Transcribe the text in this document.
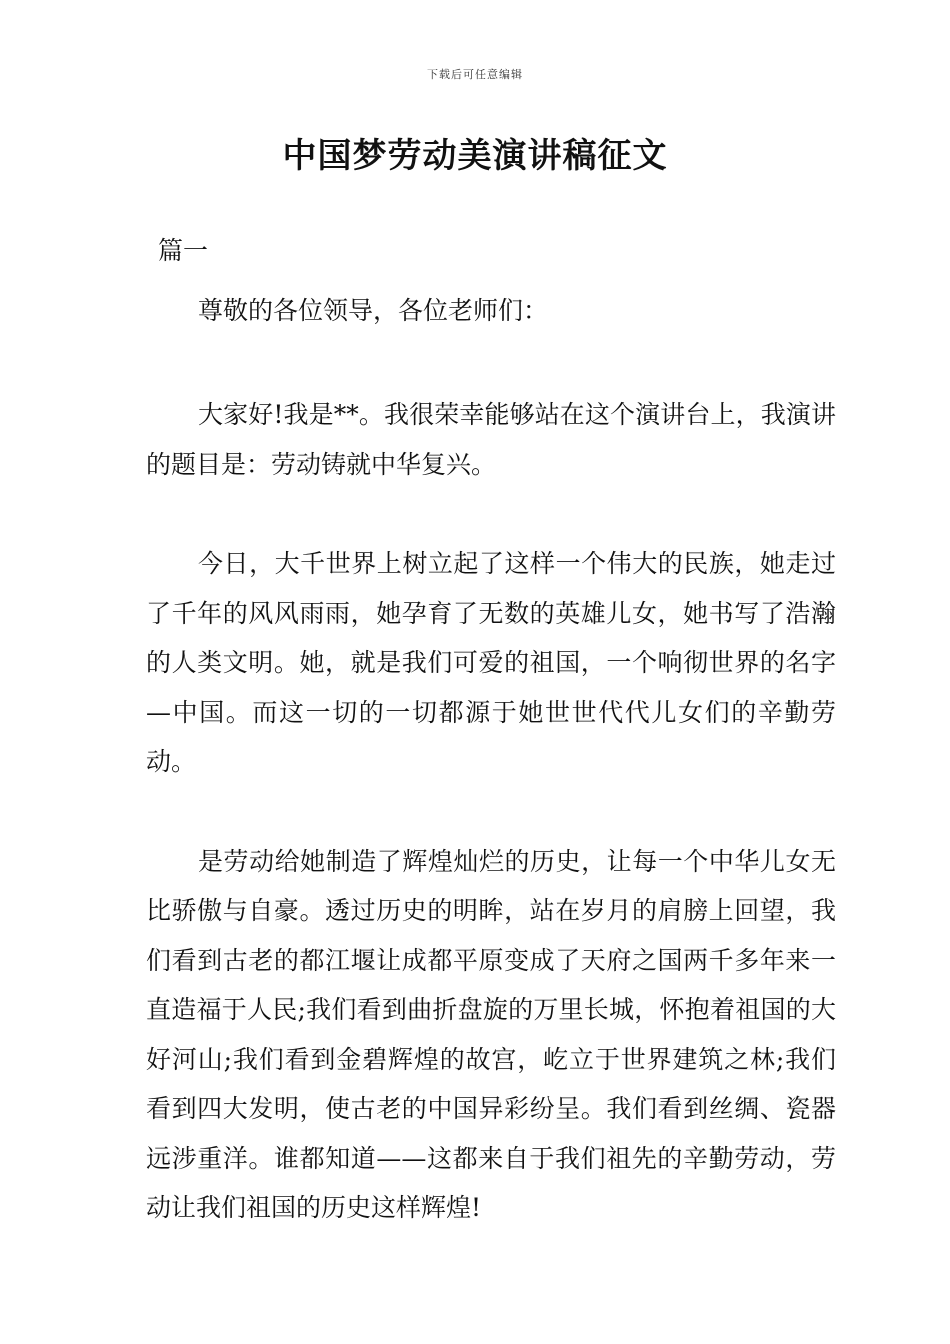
下载后可任意编辑
中国梦劳动美演讲稿征文

篇一

尊敬的各位领导，各位老师们：

大家好!我是**。我很荣幸能够站在这个演讲台上，我演讲的题目是：劳动铸就中华复兴。

今日，大千世界上树立起了这样一个伟大的民族，她走过了千年的风风雨雨，她孕育了无数的英雄儿女，她书写了浩瀚的人类文明。她，就是我们可爱的祖国，一个响彻世界的名字—中国。而这一切的一切都源于她世世代代儿女们的辛勤劳动。

是劳动给她制造了辉煌灿烂的历史，让每一个中华儿女无比骄傲与自豪。透过历史的明眸，站在岁月的肩膀上回望，我们看到古老的都江堰让成都平原变成了天府之国两千多年来一直造福于人民;我们看到曲折盘旋的万里长城，怀抱着祖国的大好河山;我们看到金碧辉煌的故宫，屹立于世界建筑之林;我们看到四大发明，使古老的中国异彩纷呈。我们看到丝绸、瓷器远涉重洋。谁都知道——这都来自于我们祖先的辛勤劳动，劳动让我们祖国的历史这样辉煌!
